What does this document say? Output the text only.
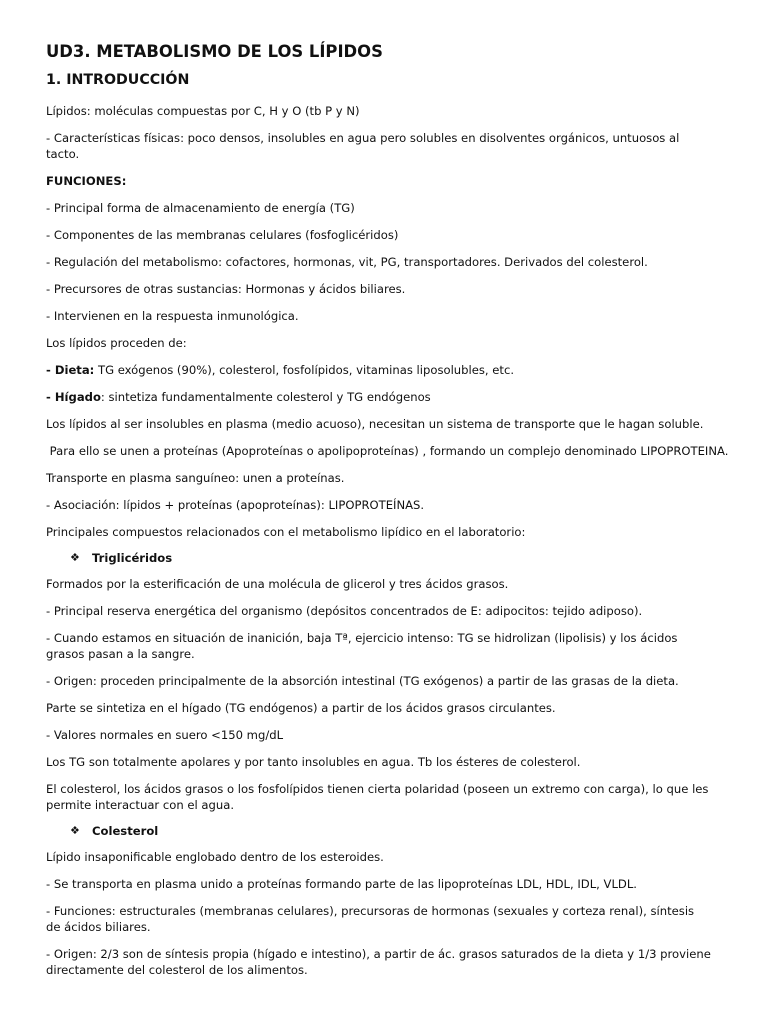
UD3. METABOLISMO DE LOS LÍPIDOS
1. INTRODUCCIÓN
Lípidos: moléculas compuestas por C, H y O (tb P y N)
- Características físicas: poco densos, insolubles en agua pero solubles en disolventes orgánicos, untuosos al tacto.
FUNCIONES:
- Principal forma de almacenamiento de energía (TG)
- Componentes de las membranas celulares (fosfoglicéridos)
- Regulación del metabolismo: cofactores, hormonas, vit, PG, transportadores. Derivados del colesterol.
- Precursores de otras sustancias: Hormonas y ácidos biliares.
- Intervienen en la respuesta inmunológica.
Los lípidos proceden de:
- Dieta: TG exógenos (90%), colesterol, fosfolípidos, vitaminas liposolubles, etc.
- Hígado: sintetiza fundamentalmente colesterol y TG endógenos
Los lípidos al ser insolubles en plasma (medio acuoso), necesitan un sistema de transporte que le hagan soluble.
Para ello se unen a proteínas (Apoproteínas o apolipoproteínas) , formando un complejo denominado LIPOPROTEINA.
Transporte en plasma sanguíneo: unen a proteínas.
- Asociación: lípidos + proteínas (apoproteínas): LIPOPROTEÍNAS.
Principales compuestos relacionados con el metabolismo lipídico en el laboratorio:
❖	Triglicéridos
Formados por la esterificación de una molécula de glicerol y tres ácidos grasos.
- Principal reserva energética del organismo (depósitos concentrados de E: adipocitos: tejido adiposo).
- Cuando estamos en situación de inanición, baja Tª, ejercicio intenso: TG se hidrolizan (lipolisis) y los ácidos grasos pasan a la sangre.
- Origen: proceden principalmente de la absorción intestinal (TG exógenos) a partir de las grasas de la dieta.
Parte se sintetiza en el hígado (TG endógenos) a partir de los ácidos grasos circulantes.
- Valores normales en suero <150 mg/dL
Los TG son totalmente apolares y por tanto insolubles en agua. Tb los ésteres de colesterol.
El colesterol, los ácidos grasos o los fosfolípidos tienen cierta polaridad (poseen un extremo con carga), lo que les permite interactuar con el agua.
❖	Colesterol
Lípido insaponificable englobado dentro de los esteroides.
- Se transporta en plasma unido a proteínas formando parte de las lipoproteínas LDL, HDL, IDL, VLDL.
- Funciones: estructurales (membranas celulares), precursoras de hormonas (sexuales y corteza renal), síntesis de ácidos biliares.
- Origen: 2/3 son de síntesis propia (hígado e intestino), a partir de ác. grasos saturados de la dieta y 1/3 proviene directamente del colesterol de los alimentos.
